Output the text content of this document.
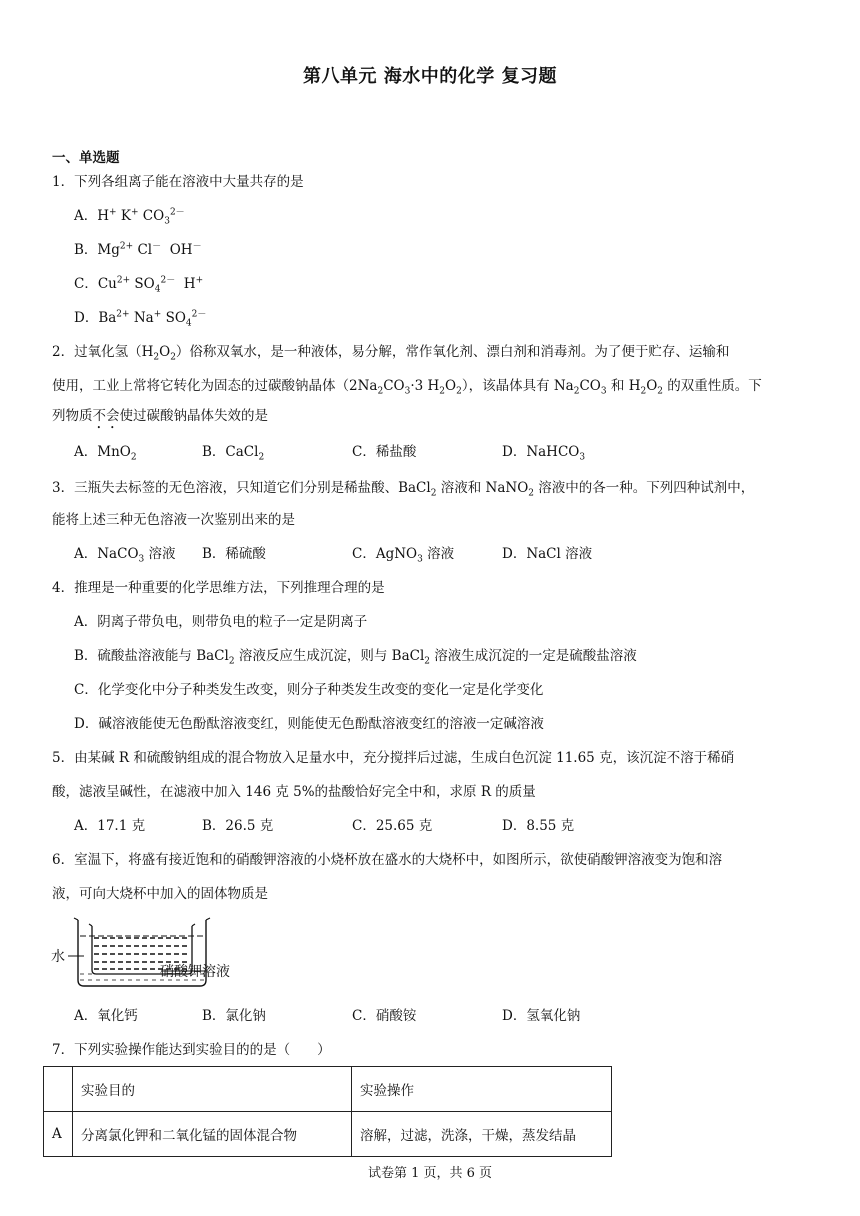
第八单元 海水中的化学 复习题
一、单选题
1．下列各组离子能在溶液中大量共存的是
A．H+ K+ $CO_3^{2-}$
B．$Mg^{2+}$ Cl－  OH－
C．$Cu^{2+}$ $SO_4^{2-}$  H+
D．$Ba^{2+}$ Na+ $SO_4^{2-}$
2．过氧化氢$(H_2O_2)$俗称双氧水，是一种液体，易分解，常作氧化剂、漂白剂和消毒剂。为了便于贮存、运输和
使用，工业上常将它转化为固态的过碳酸钠晶体（$2Na_2CO_3\cdot 3$ $H_2O_2$），该晶体具有 $Na_2CO_3$ 和 $H_2O_2$ 的双重性质。下
列物质不会使过碳酸钠晶体失效的是
A．MnO$_2$	B．CaCl$_2$	C．稀盐酸	D．NaHCO$_3$
3．三瓶失去标签的无色溶液，只知道它们分别是稀盐酸、BaCl$_2$ 溶液和 NaNO$_2$ 溶液中的各一种。下列四种试剂中，
能将上述三种无色溶液一次鉴别出来的是
A．NaCO$_3$ 溶液 B．稀硫酸	C．AgNO$_3$ 溶液	D．NaCl 溶液
4．推理是一种重要的化学思维方法，下列推理合理的是
A．阴离子带负电，则带负电的粒子一定是阴离子
B．硫酸盐溶液能与 BaCl$_2$ 溶液反应生成沉淀，则与 BaCl$_2$ 溶液生成沉淀的一定是硫酸盐溶液
C．化学变化中分子种类发生改变，则分子种类发生改变的变化一定是化学变化
D．碱溶液能使无色酚酞溶液变红，则能使无色酚酞溶液变红的溶液一定碱溶液
5．由某碱 R 和硫酸钠组成的混合物放入足量水中，充分搅拌后过滤，生成白色沉淀 11.65 克，该沉淀不溶于稀硝
酸，滤液呈碱性，在滤液中加入 146 克 5%的盐酸恰好完全中和，求原 R 的质量
A．17.1 克	B．26.5 克	C．25.65 克	D．8.55 克
6．室温下，将盛有接近饱和的硝酸钾溶液的小烧杯放在盛水的大烧杯中，如图所示，欲使硝酸钾溶液变为饱和溶
液，可向大烧杯中加入的固体物质是
水
硝酸钾溶液
A．氧化钙	B．氯化钠	C．硝酸铵	D．氢氧化钠
7．下列实验操作能达到实验目的的是（　　）
	实验目的	实验操作
A	分离氯化钾和二氧化锰的固体混合物	溶解，过滤，洗涤，干燥，蒸发结晶
试卷第 1 页，共 6 页
